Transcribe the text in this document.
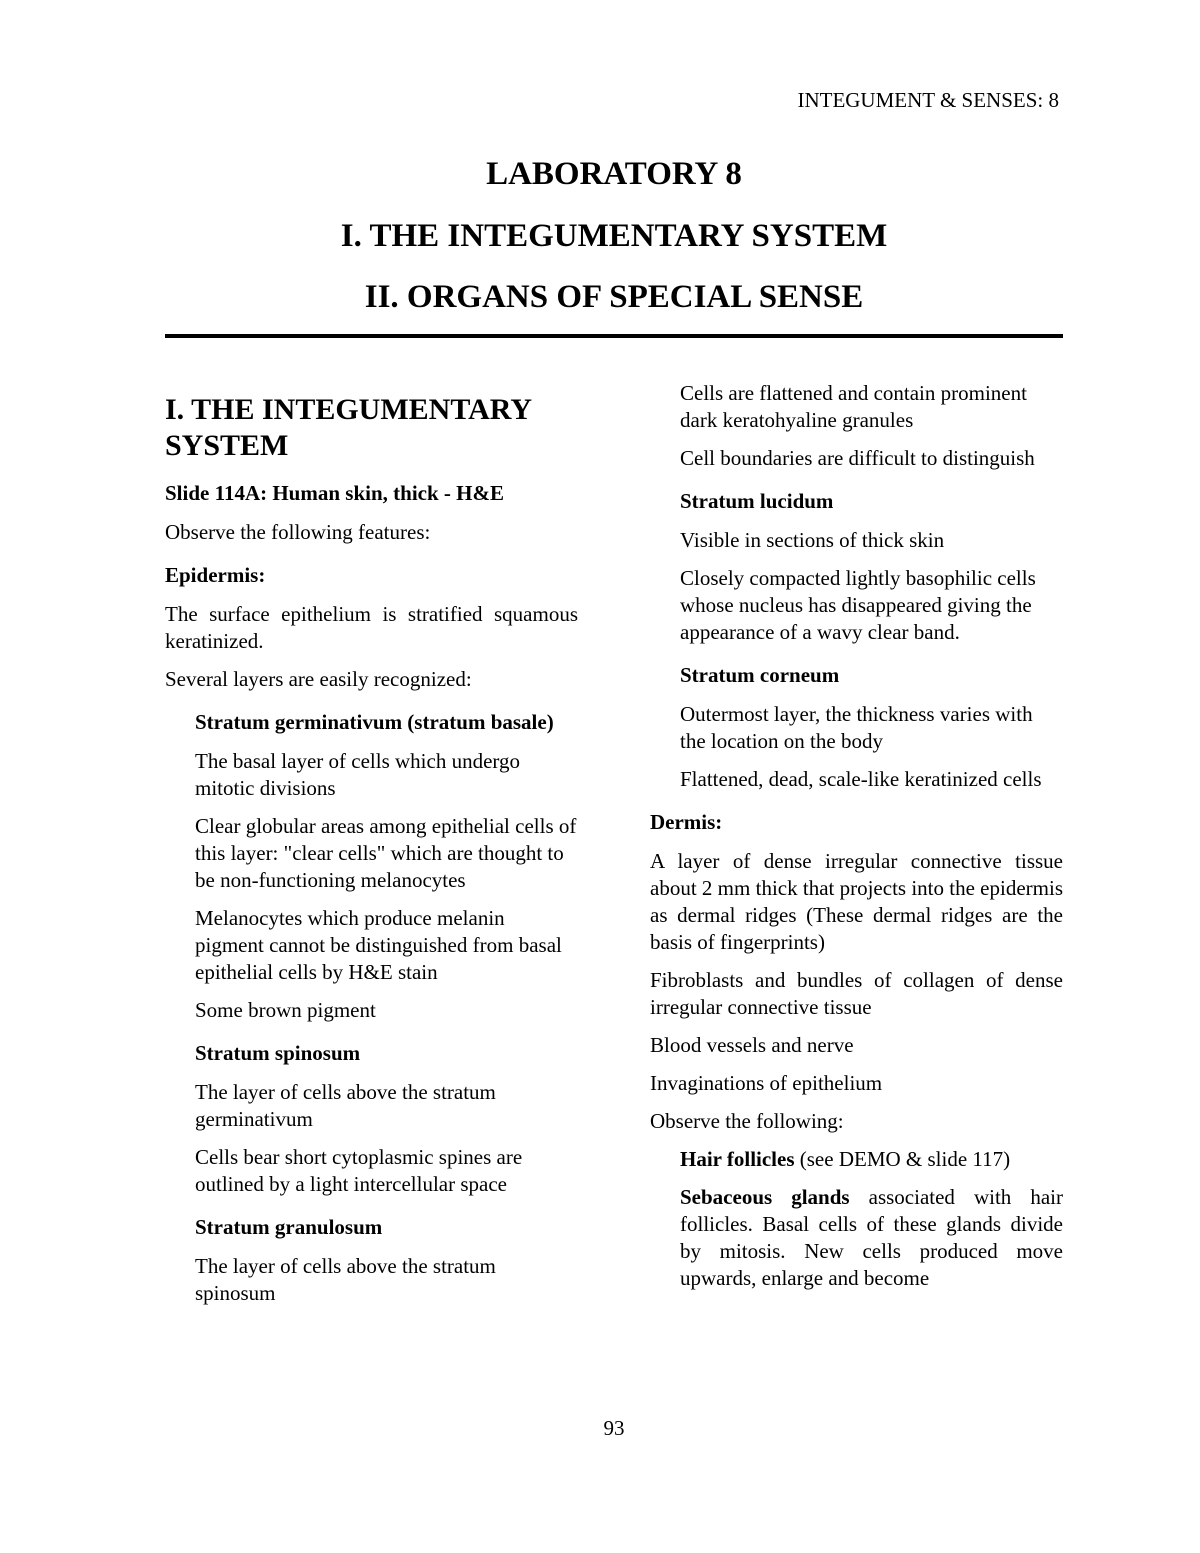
INTEGUMENT & SENSES: 8
LABORATORY 8
I. THE INTEGUMENTARY SYSTEM
II. ORGANS OF SPECIAL SENSE
I. THE INTEGUMENTARY
SYSTEM

Slide 114A: Human skin, thick - H&E

Observe the following features:

Epidermis:

The surface epithelium is stratified squamous keratinized.

Several layers are easily recognized:

Stratum germinativum (stratum basale)

The basal layer of cells which undergo mitotic divisions

Clear globular areas among epithelial cells of this layer: "clear cells" which are thought to be non-functioning melanocytes

Melanocytes which produce melanin pigment cannot be distinguished from basal epithelial cells by H&E stain

Some brown pigment

Stratum spinosum

The layer of cells above the stratum germinativum

Cells bear short cytoplasmic spines are outlined by a light intercellular space

Stratum granulosum

The layer of cells above the stratum spinosum

Cells are flattened and contain prominent dark keratohyaline granules

Cell boundaries are difficult to distinguish

Stratum lucidum

Visible in sections of thick skin

Closely compacted lightly basophilic cells whose nucleus has disappeared giving the appearance of a wavy clear band.

Stratum corneum

Outermost layer, the thickness varies with the location on the body

Flattened, dead, scale-like keratinized cells

Dermis:

A layer of dense irregular connective tissue about 2 mm thick that projects into the epidermis as dermal ridges (These dermal ridges are the basis of fingerprints)

Fibroblasts and bundles of collagen of dense irregular connective tissue

Blood vessels and nerve

Invaginations of epithelium

Observe the following:

Hair follicles (see DEMO & slide 117)

Sebaceous glands associated with hair follicles. Basal cells of these glands divide by mitosis. New cells produced move upwards, enlarge and become

93
